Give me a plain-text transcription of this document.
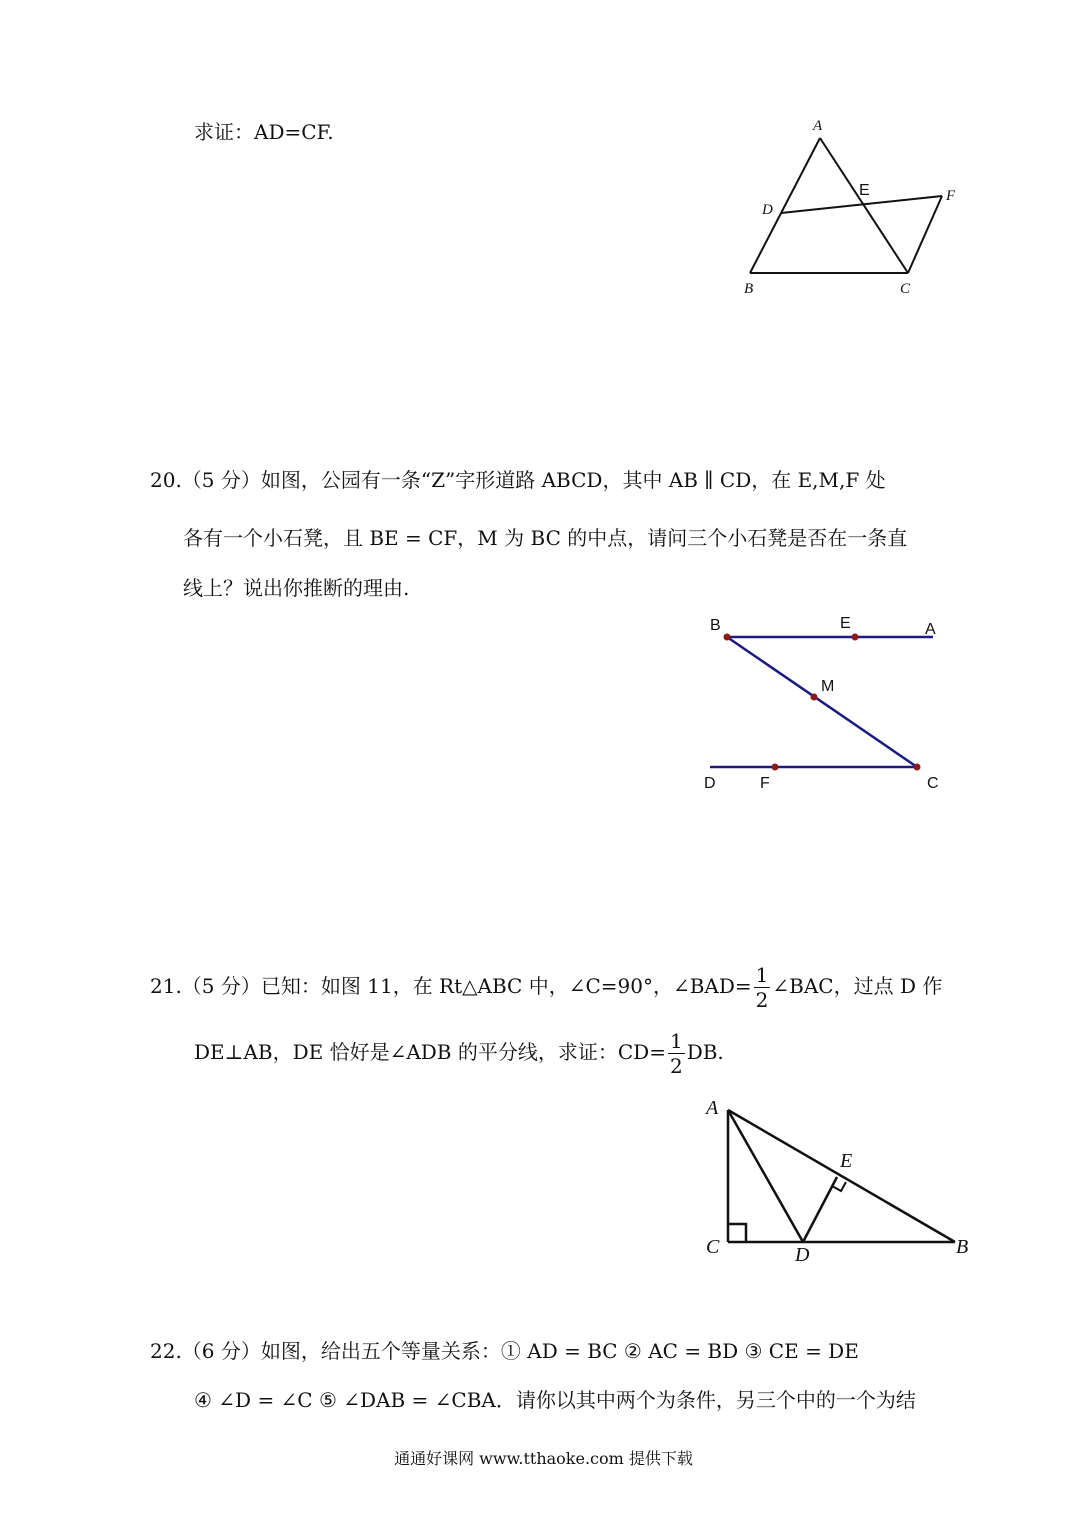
求证：AD=CF.	A
D
E	F
B	C
20.（5 分）如图，公园有一条“Z”字形道路 ABCD，其中 AB ∥ CD，在 E,M,F 处
各有一个小石凳，且 BE = CF，M 为 BC 的中点，请问三个小石凳是否在一条直
线上？说出你推断的理由.
B	E	A
M
D	F	C
21.（5 分）已知：如图 11，在 Rt△ABC 中，∠C=90°，∠BAD= $\frac{1}{2}$ ∠BAC，过点 D 作
DE⊥AB，DE 恰好是∠ADB 的平分线，求证：$CD= \frac{1}{2}$ DB.
A
E
C	D	B
22.（6 分）如图，给出五个等量关系：① AD = BC ② AC = BD ③ CE = DE
④ ∠D = ∠C ⑤ ∠DAB = ∠CBA．请你以其中两个为条件，另三个中的一个为结
通通好课网 www.tthaoke.com 提供下载
